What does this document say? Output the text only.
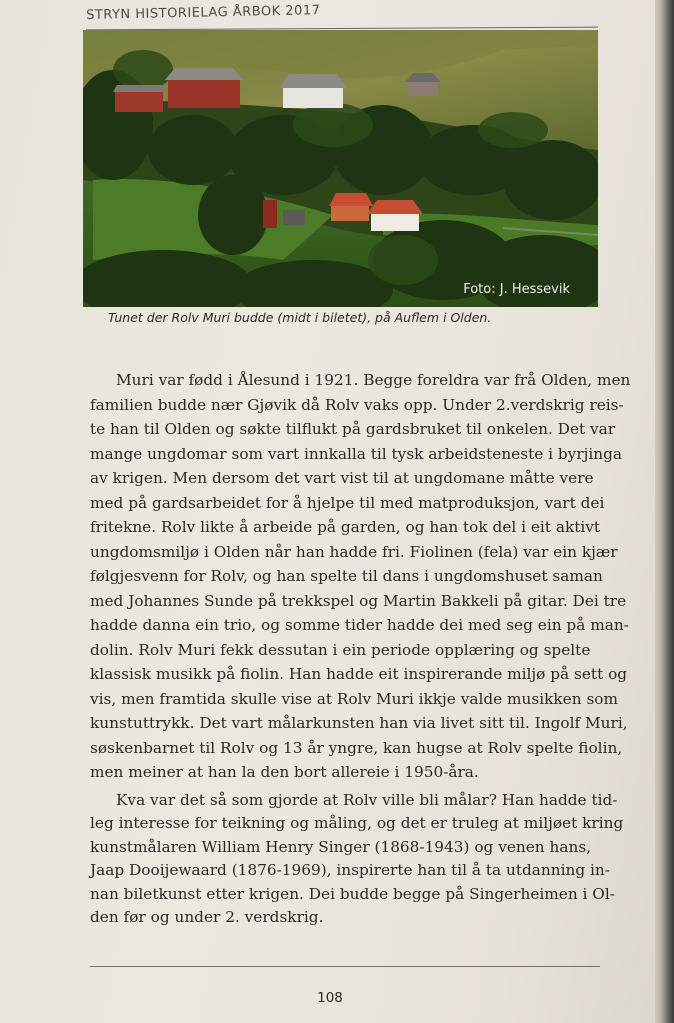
STRYN HISTORIELAG ÅRBOK 2017
Foto: J. Hessevik
Tunet der Rolv Muri budde (midt i biletet), på Auflem i Olden.

Muri var fødd i Ålesund i 1921. Begge foreldra var frå Olden, men
familien budde nær Gjøvik då Rolv vaks opp. Under 2.verdskrig reis-
te han til Olden og søkte tilflukt på gardsbruket til onkelen. Det var
mange ungdomar som vart innkalla til tysk arbeidsteneste i byrjinga
av krigen. Men dersom det vart vist til at ungdomane måtte vere
med på gardsarbeidet for å hjelpe til med matproduksjon, vart dei
fritekne. Rolv likte å arbeide på garden, og han tok del i eit aktivt
ungdomsmiljø i Olden når han hadde fri. Fiolinen (fela) var ein kjær
følgjesvenn for Rolv, og han spelte til dans i ungdomshuset saman
med Johannes Sunde på trekkspel og Martin Bakkeli på gitar. Dei tre
hadde danna ein trio, og somme tider hadde dei med seg ein på man-
dolin. Rolv Muri fekk dessutan i ein periode opplæring og spelte
klassisk musikk på fiolin. Han hadde eit inspirerande miljø på sett og
vis, men framtida skulle vise at Rolv Muri ikkje valde musikken som
kunstuttrykk. Det vart målarkunsten han via livet sitt til. Ingolf Muri,
søskenbarnet til Rolv og 13 år yngre, kan hugse at Rolv spelte fiolin,
men meiner at han la den bort allereie i 1950-åra.

Kva var det så som gjorde at Rolv ville bli målar? Han hadde tid-
leg interesse for teikning og måling, og det er truleg at miljøet kring
kunstmålaren William Henry Singer (1868-1943) og venen hans,
Jaap Dooijewaard (1876-1969), inspirerte han til å ta utdanning in-
nan biletkunst etter krigen. Dei budde begge på Singerheimen i Ol-
den før og under 2. verdskrig.

108
